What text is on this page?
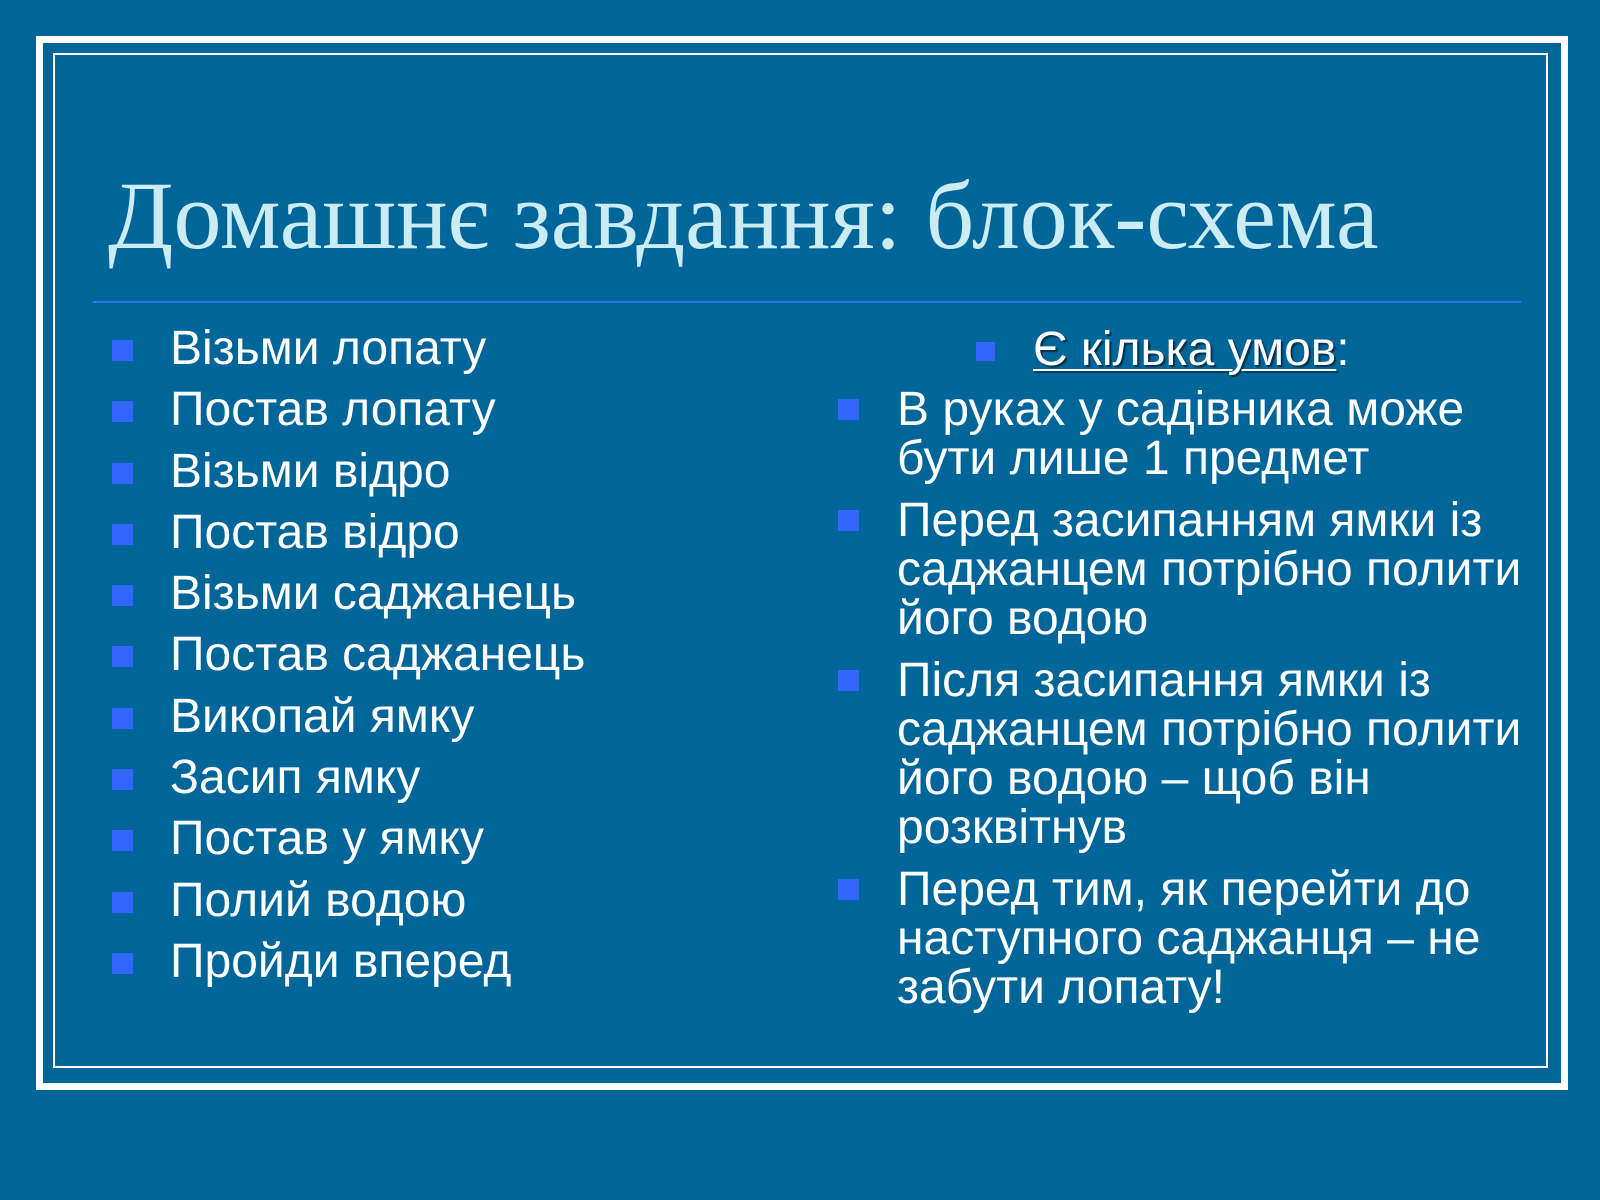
Домашнє завдання: блок-схема
Візьми лопату
Постав лопату
Візьми відро
Постав відро
Візьми саджанець
Постав саджанець
Викопай ямку
Засип ямку
Постав у ямку
Полий водою
Пройди вперед
Є кілька умов:
В руках у садівника може бути лише 1 предмет
Перед засипанням ямки із саджанцем потрібно полити його водою
Після засипання ямки із саджанцем потрібно полити його водою – щоб він розквітнув
Перед тим, як перейти до наступного саджанця – не забути лопату!
